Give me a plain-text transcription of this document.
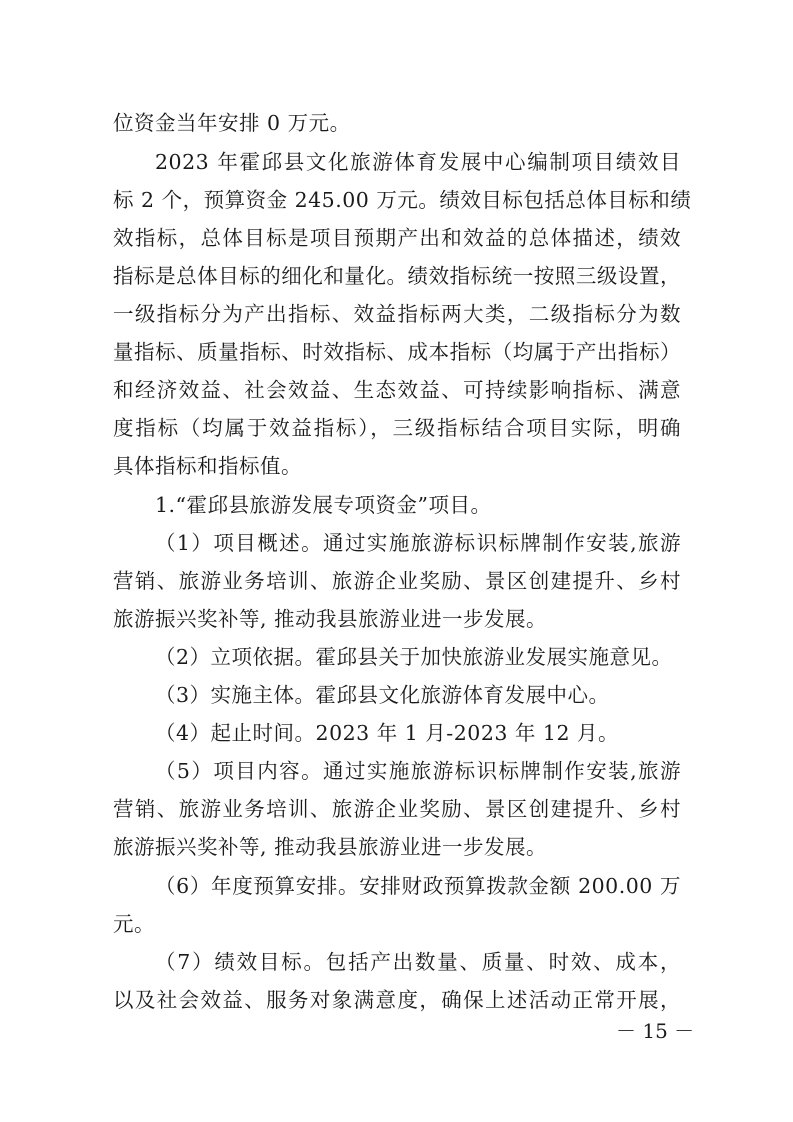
位资金当年安排 0 万元。
2023 年霍邱县文化旅游体育发展中心编制项目绩效目
标 2 个，预算资金 245.00 万元。绩效目标包括总体目标和绩
效指标，总体目标是项目预期产出和效益的总体描述，绩效
指标是总体目标的细化和量化。绩效指标统一按照三级设置，
一级指标分为产出指标、效益指标两大类，二级指标分为数
量指标、质量指标、时效指标、成本指标（均属于产出指标）
和经济效益、社会效益、生态效益、可持续影响指标、满意
度指标（均属于效益指标），三级指标结合项目实际，明确
具体指标和指标值。
1.“霍邱县旅游发展专项资金”项目。
（1）项目概述。通过实施旅游标识标牌制作安装,旅游
营销、旅游业务培训、旅游企业奖励、景区创建提升、乡村
旅游振兴奖补等, 推动我县旅游业进一步发展。
（2）立项依据。霍邱县关于加快旅游业发展实施意见。
（3）实施主体。霍邱县文化旅游体育发展中心。
（4）起止时间。2023 年 1 月-2023 年 12 月。
（5）项目内容。通过实施旅游标识标牌制作安装,旅游
营销、旅游业务培训、旅游企业奖励、景区创建提升、乡村
旅游振兴奖补等, 推动我县旅游业进一步发展。
（6）年度预算安排。安排财政预算拨款金额 200.00 万
元。
（7）绩效目标。包括产出数量、质量、时效、成本，
以及社会效益、服务对象满意度，确保上述活动正常开展，
－ 15 －
